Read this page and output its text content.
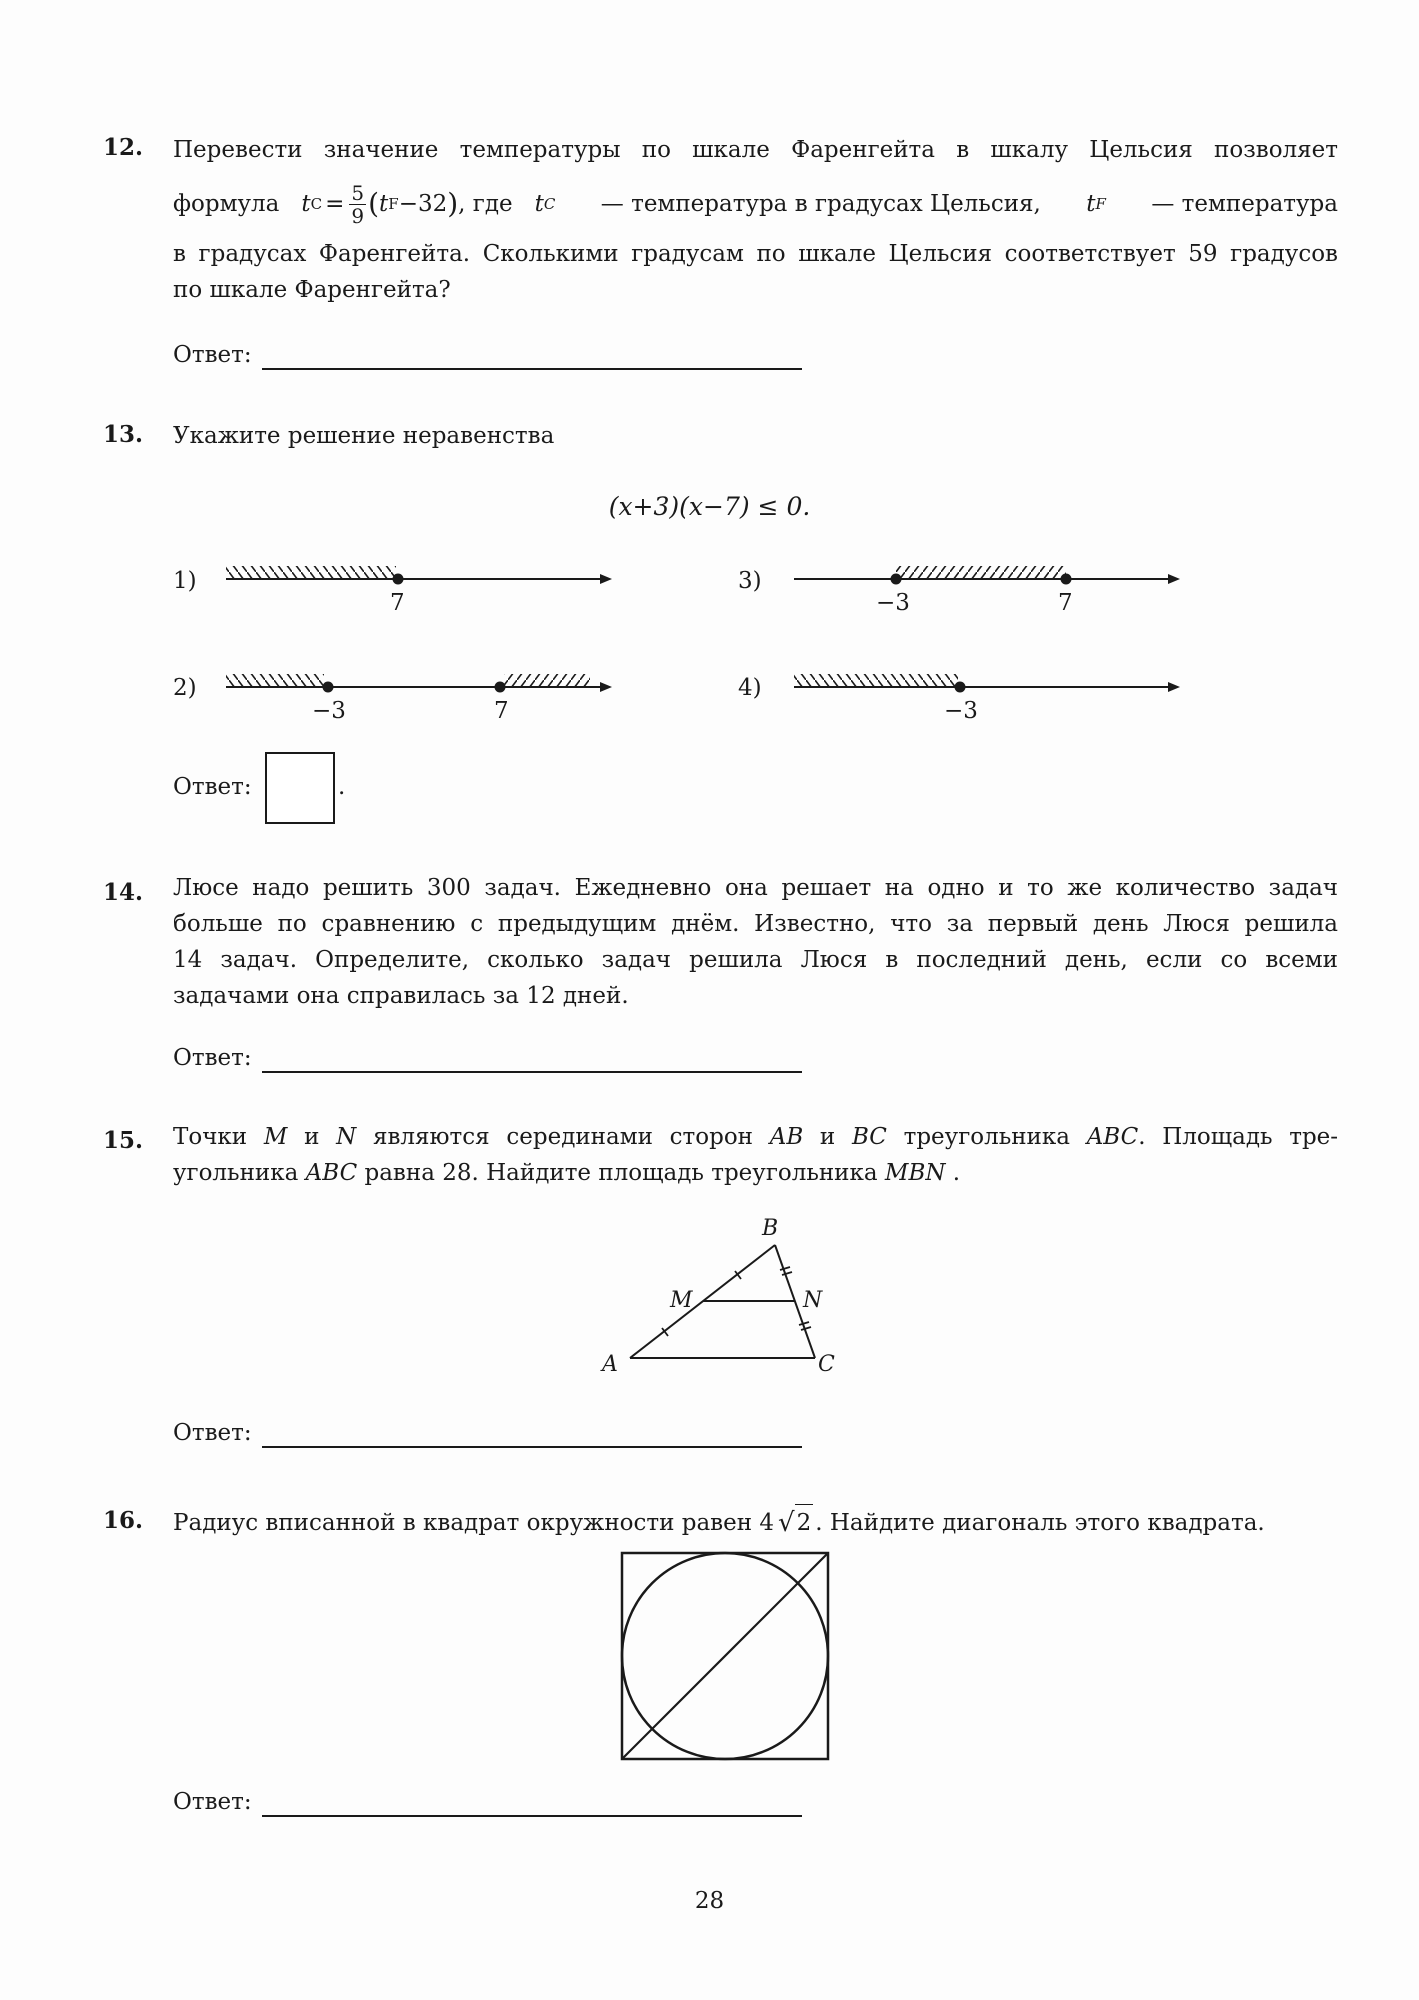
12. Перевести значение температуры по шкале Фаренгейта в шкалу Цельсия позволяет
формула t $C = \frac{5}{9}$ ( t F −32 ) , где t C — температура в градусах Цельсия, t F — температура
в градусах Фаренгейта. Сколькими градусам по шкале Цельсия соответствует 59 градусов
по шкале Фаренгейта?
Ответ:
13. Укажите решение неравенства
(x+3)(x−7) ≤ 0.
1)
7
2)
−3	7
3)
−3	7
4)
−3
Ответ:	.
14. Люсе надо решить 300 задач. Ежедневно она решает на одно и то же количество задач
больше по сравнению с предыдущим днём. Известно, что за первый день Люся решила
14 задач. Определите, сколько задач решила Люся в последний день, если со всеми
задачами она справилась за 12 дней.
Ответ:
15. Точки M и N являются серединами сторон AB и BC треугольника ABC. Площадь тре-
угольника ABC равна 28. Найдите площадь треугольника MBN .
B
M	N
A	C
Ответ:
16. Радиус вписанной в квадрат окружности равен 4 √ 2 . Найдите диагональ этого квадрата.
Ответ:
28
